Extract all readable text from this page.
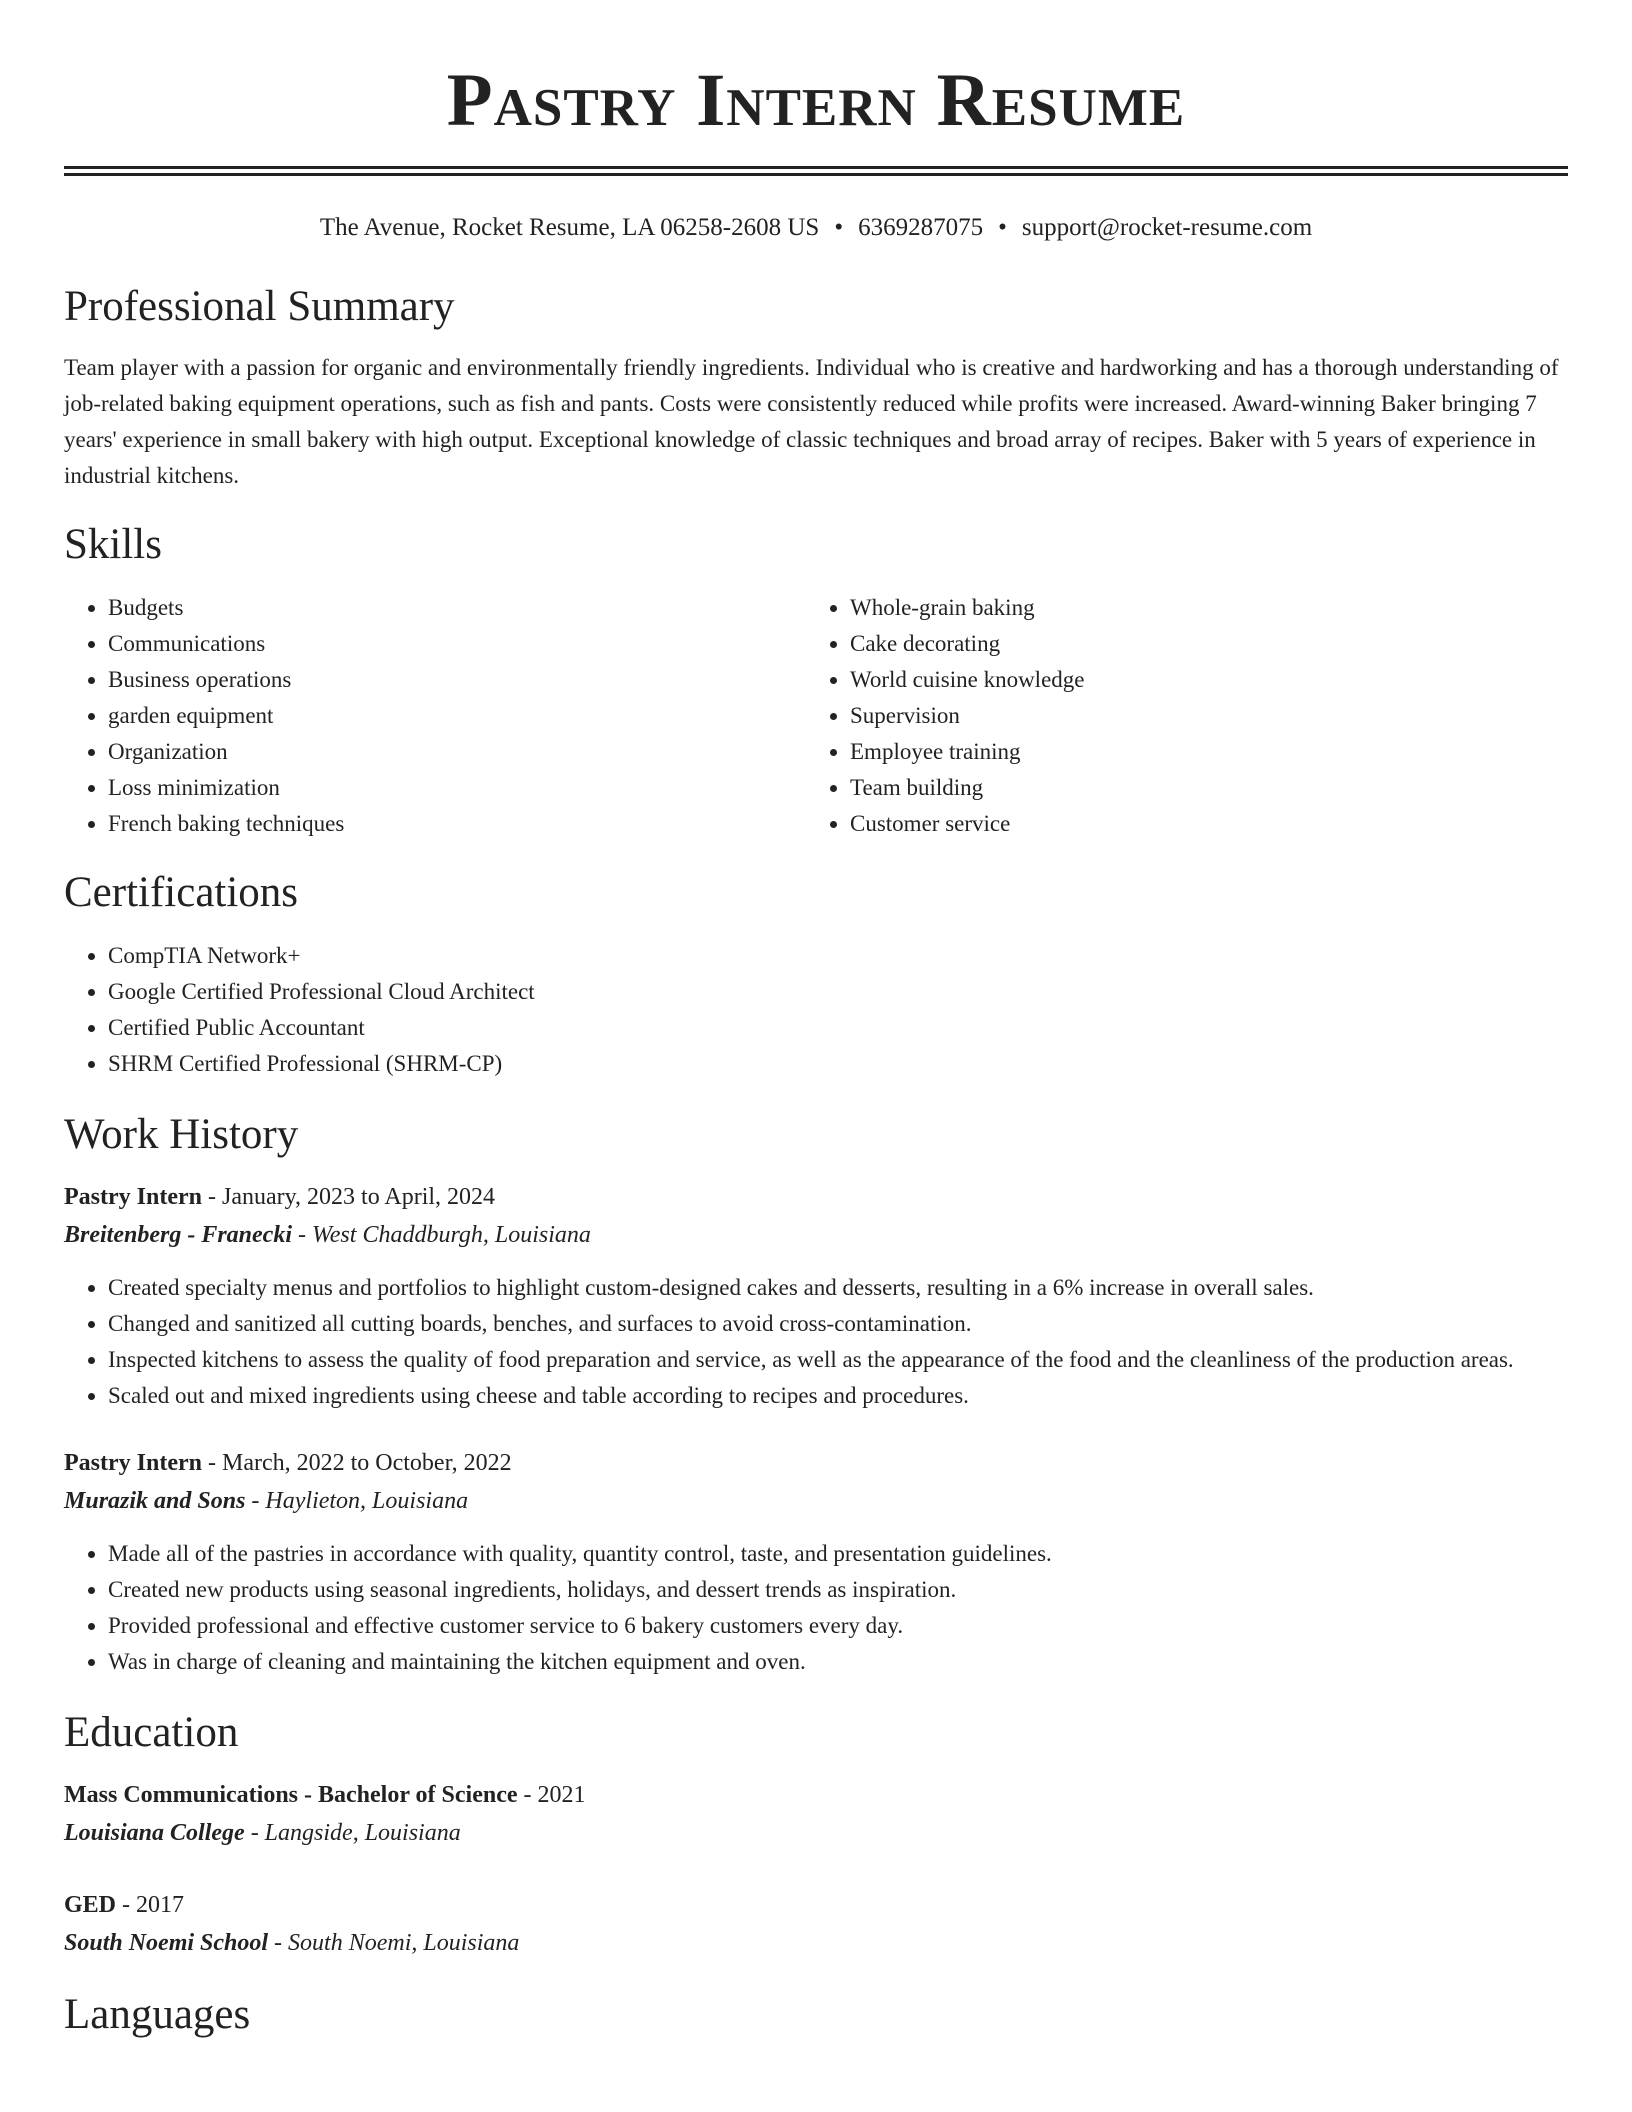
Pastry Intern Resume
The Avenue, Rocket Resume, LA 06258-2608 US • 6369287075 • support@rocket-resume.com
Professional Summary

Team player with a passion for organic and environmentally friendly ingredients. Individual who is creative and hardworking and has a thorough understanding of job-related baking equipment operations, such as fish and pants. Costs were consistently reduced while profits were increased. Award-winning Baker bringing 7 years' experience in small bakery with high output. Exceptional knowledge of classic techniques and broad array of recipes. Baker with 5 years of experience in industrial kitchens.

Skills
• Budgets
• Communications
• Business operations
• garden equipment
• Organization
• Loss minimization
• French baking techniques
• Whole-grain baking
• Cake decorating
• World cuisine knowledge
• Supervision
• Employee training
• Team building
• Customer service
Certifications
• CompTIA Network+
• Google Certified Professional Cloud Architect
• Certified Public Accountant
• SHRM Certified Professional (SHRM-CP)
Work History
Pastry Intern - January, 2023 to April, 2024
Breitenberg - Franecki - West Chaddburgh, Louisiana
• Created specialty menus and portfolios to highlight custom-designed cakes and desserts, resulting in a 6% increase in overall sales.
• Changed and sanitized all cutting boards, benches, and surfaces to avoid cross-contamination.
• Inspected kitchens to assess the quality of food preparation and service, as well as the appearance of the food and the cleanliness of the production areas.
• Scaled out and mixed ingredients using cheese and table according to recipes and procedures.
Pastry Intern - March, 2022 to October, 2022
Murazik and Sons - Haylieton, Louisiana
• Made all of the pastries in accordance with quality, quantity control, taste, and presentation guidelines.
• Created new products using seasonal ingredients, holidays, and dessert trends as inspiration.
• Provided professional and effective customer service to 6 bakery customers every day.
• Was in charge of cleaning and maintaining the kitchen equipment and oven.
Education
Mass Communications - Bachelor of Science - 2021
Louisiana College - Langside, Louisiana
GED - 2017
South Noemi School - South Noemi, Louisiana
Languages
